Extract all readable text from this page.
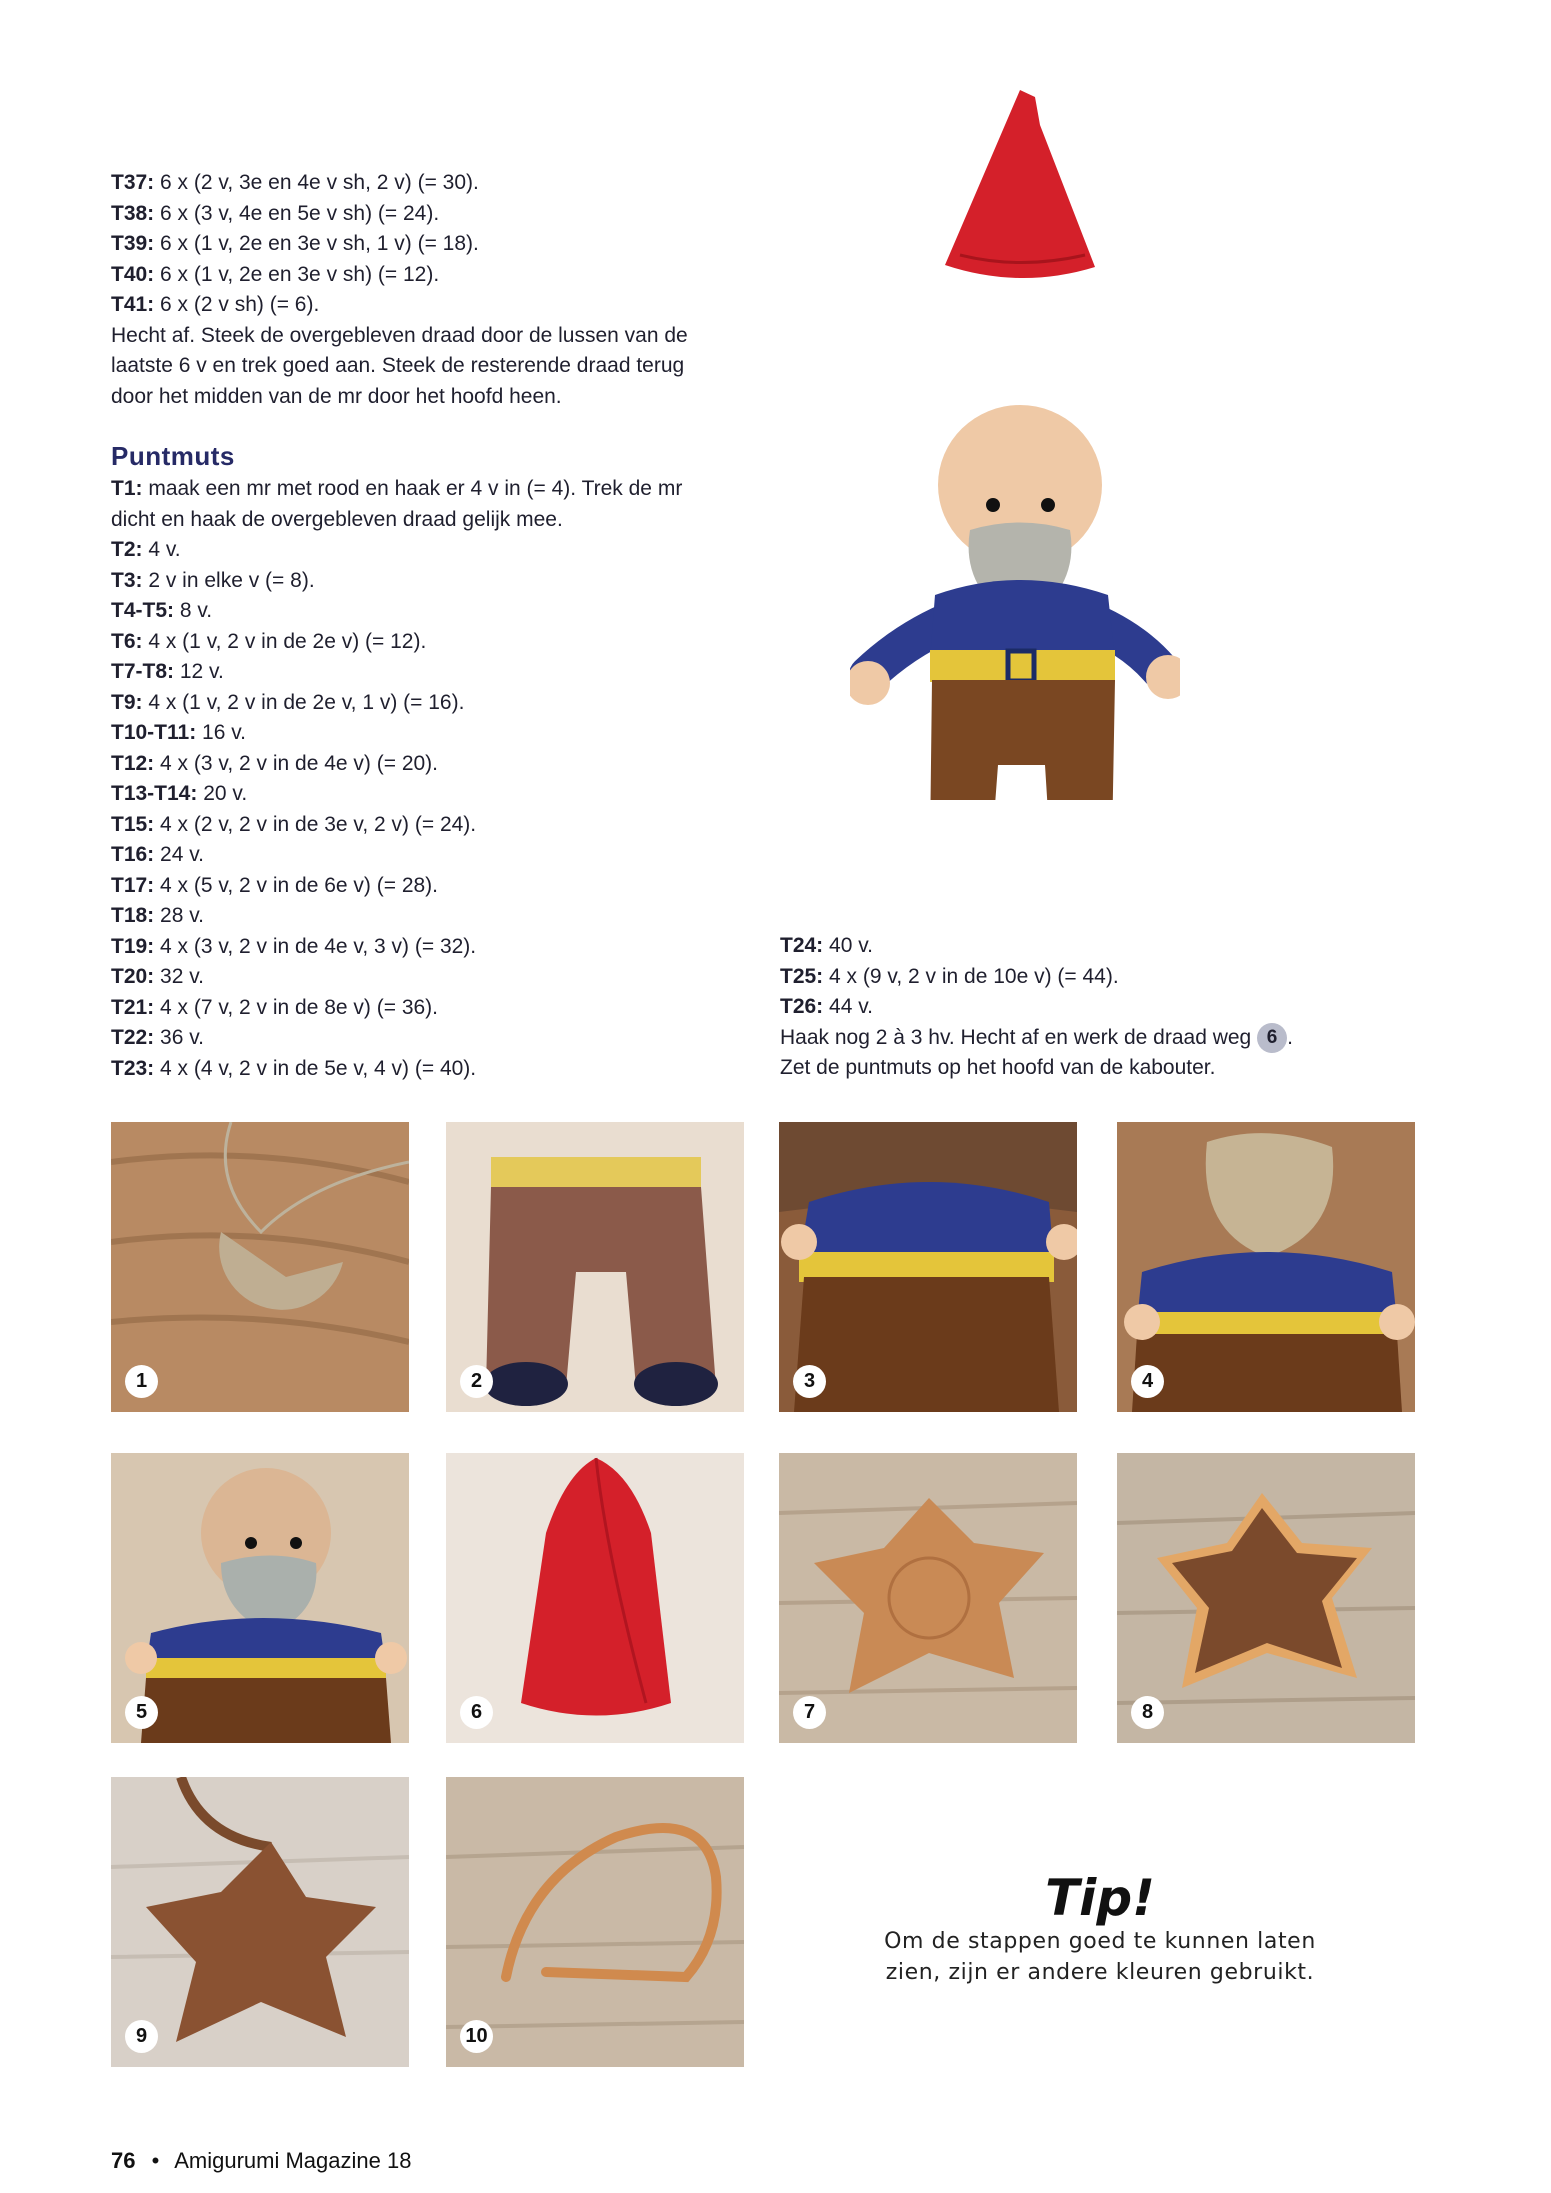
T37: 6 x (2 v, 3e en 4e v sh, 2 v) (= 30).

T38: 6 x (3 v, 4e en 5e v sh) (= 24).

T39: 6 x (1 v, 2e en 3e v sh, 1 v) (= 18).

T40: 6 x (1 v, 2e en 3e v sh) (= 12).

T41: 6 x (2 v sh) (= 6).

Hecht af. Steek de overgebleven draad door de lussen van de laatste 6 v en trek goed aan. Steek de resterende draad terug door het midden van de mr door het hoofd heen.

Puntmuts

T1: maak een mr met rood en haak er 4 v in (= 4). Trek de mr dicht en haak de overgebleven draad gelijk mee.

T2: 4 v.

T3: 2 v in elke v (= 8).

T4-T5: 8 v.

T6: 4 x (1 v, 2 v in de 2e v) (= 12).

T7-T8: 12 v.

T9: 4 x (1 v, 2 v in de 2e v, 1 v) (= 16).

T10-T11: 16 v.

T12: 4 x (3 v, 2 v in de 4e v) (= 20).

T13-T14: 20 v.

T15: 4 x (2 v, 2 v in de 3e v, 2 v) (= 24).

T16: 24 v.

T17: 4 x (5 v, 2 v in de 6e v) (= 28).

T18: 28 v.

T19: 4 x (3 v, 2 v in de 4e v, 3 v) (= 32).

T20: 32 v.

T21: 4 x (7 v, 2 v in de 8e v) (= 36).

T22: 36 v.

T23: 4 x (4 v, 2 v in de 5e v, 4 v) (= 40).

T24: 40 v.

T25: 4 x (9 v, 2 v in de 10e v) (= 44).

T26: 44 v.

Haak nog 2 à 3 hv. Hecht af en werk de draad weg 6 .

Zet de puntmuts op het hoofd van de kabouter.

1	2	3	4
5	6	7	8
9	10
Tip!
Om de stappen goed te kunnen laten
zien, zijn er andere kleuren gebruikt.
76 • Amigurumi Magazine 18
